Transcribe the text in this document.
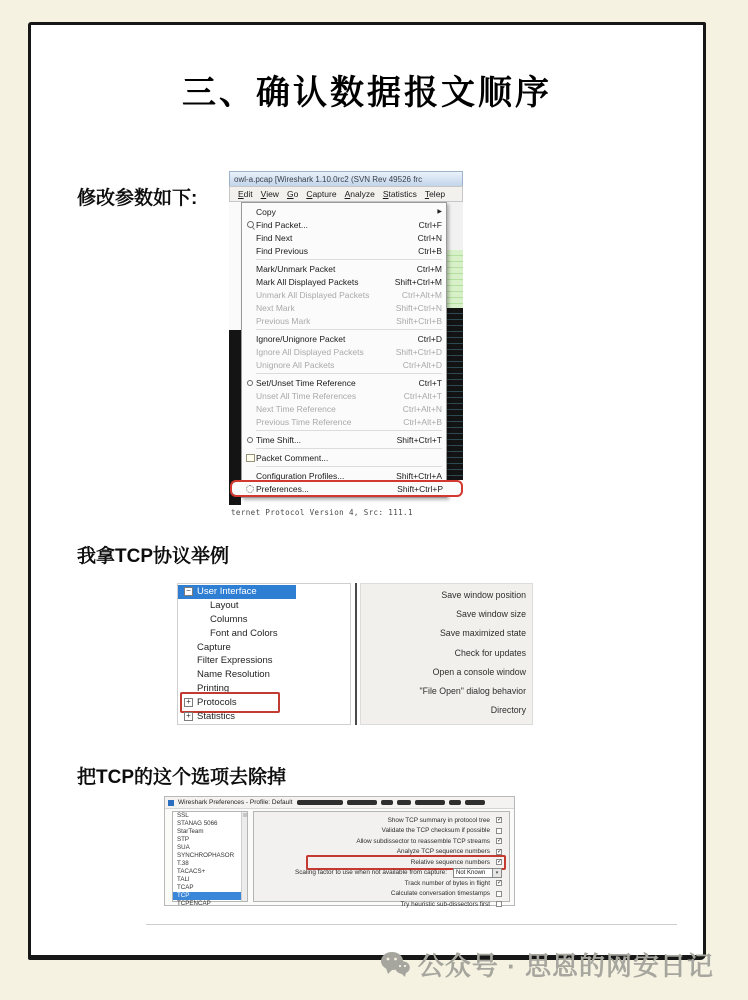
三、确认数据报文顺序
修改参数如下:
我拿TCP协议举例
把TCP的这个选项去除掉
owl-a.pcap [Wireshark 1.10.0rc2 (SVN Rev 49526 frc
Edit View Go Capture Analyze Statistics Telep
Copy	▶
Find Packet...	Ctrl+F
Find Next	Ctrl+N
Find Previous	Ctrl+B
Mark/Unmark Packet	Ctrl+M
Mark All Displayed Packets	Shift+Ctrl+M
Unmark All Displayed Packets	Ctrl+Alt+M
Next Mark	Shift+Ctrl+N
Previous Mark	Shift+Ctrl+B
Ignore/Unignore Packet	Ctrl+D
Ignore All Displayed Packets	Shift+Ctrl+D
Unignore All Packets	Ctrl+Alt+D
Set/Unset Time Reference	Ctrl+T
Unset All Time References	Ctrl+Alt+T
Next Time Reference	Ctrl+Alt+N
Previous Time Reference	Ctrl+Alt+B
Time Shift...	Shift+Ctrl+T
Packet Comment...
Configuration Profiles...	Shift+Ctrl+A
Preferences...	Shift+Ctrl+P
ternet Protocol Version 4, Src: 111.1
− User Interface
Layout
Columns
Font and Colors
Capture
Filter Expressions
Name Resolution
Printing
+ Protocols
+ Statistics
Save window position
Save window size
Save maximized state
Check for updates
Open a console window
"File Open" dialog behavior
Directory
Wireshark Preferences - Profile: Default
SSL
STANAG 5066
StarTeam
STP
SUA
SYNCHROPHASOR
T.38
TACACS+
TALI
TCAP
TCP
TCPENCAP
Show TCP summary in protocol tree ✓
Validate the TCP checksum if possible
Allow subdissector to reassemble TCP streams ✓
Analyze TCP sequence numbers ✓
Relative sequence numbers ✓
Scaling factor to use when not available from capture:	Not Known	▾
Track number of bytes in flight ✓
Calculate conversation timestamps
Try heuristic sub-dissectors first
公众号 · 思恩的网安日记
